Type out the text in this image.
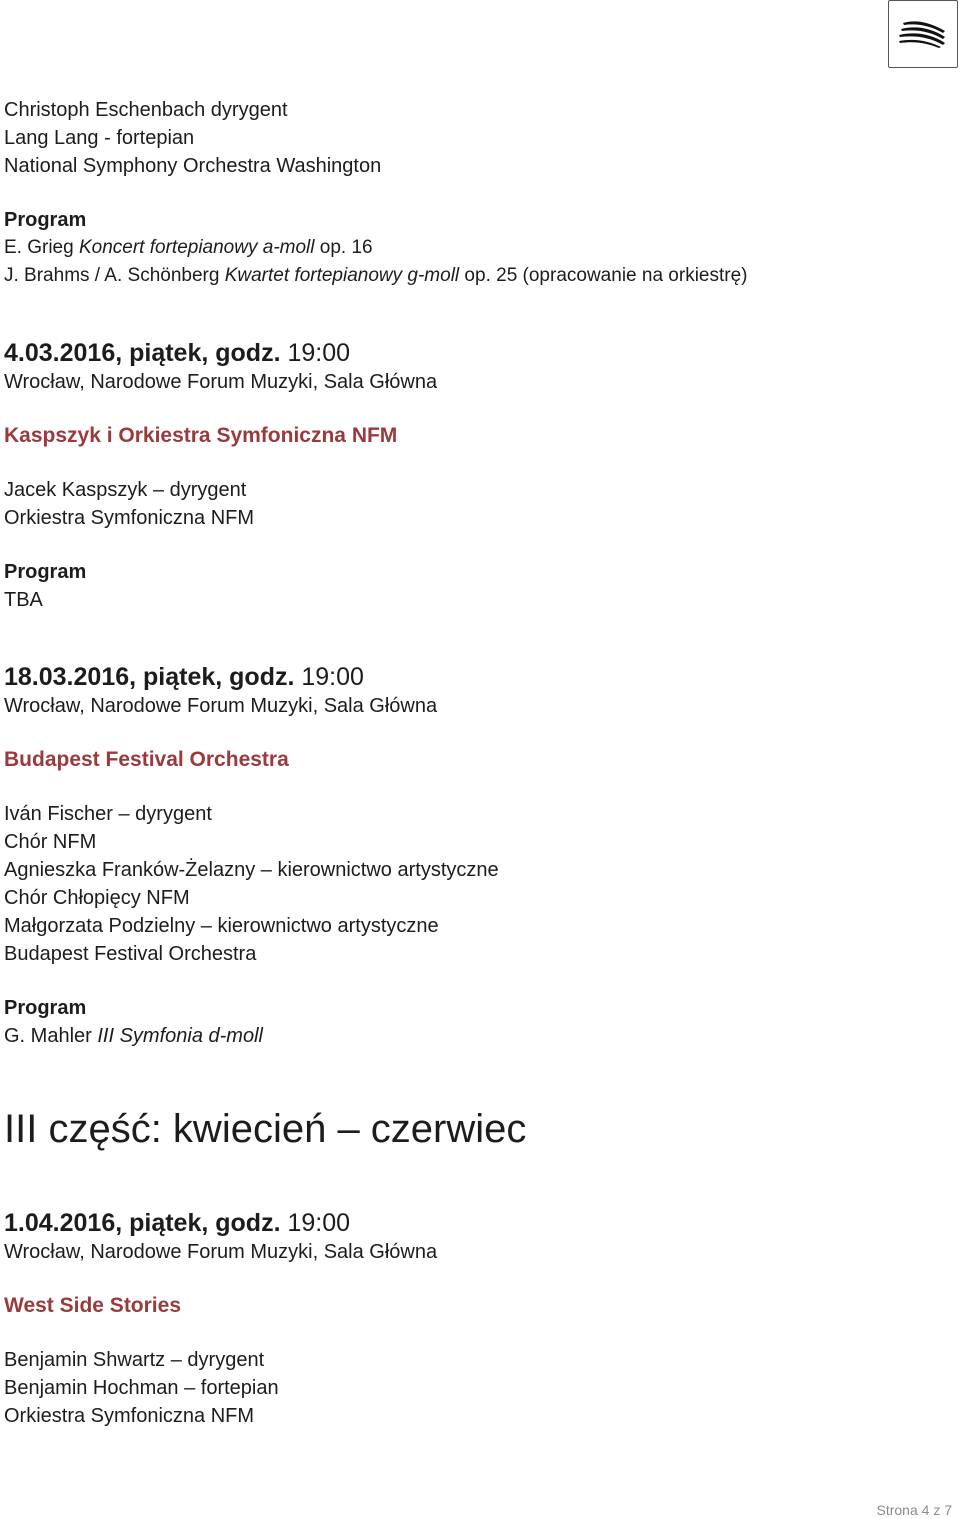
Christoph Eschenbach dyrygent
Lang Lang - fortepian
National Symphony Orchestra Washington
Program
E. Grieg Koncert fortepianowy a-moll op. 16
J. Brahms / A. Schönberg Kwartet fortepianowy g-moll op. 25 (opracowanie na orkiestrę)
4.03.2016, piątek, godz. 19:00
Wrocław, Narodowe Forum Muzyki, Sala Główna
Kaspszyk i Orkiestra Symfoniczna NFM
Jacek Kaspszyk – dyrygent
Orkiestra Symfoniczna NFM
Program
TBA
18.03.2016, piątek, godz. 19:00
Wrocław, Narodowe Forum Muzyki, Sala Główna
Budapest Festival Orchestra
Iván Fischer – dyrygent
Chór NFM
Agnieszka Franków-Żelazny – kierownictwo artystyczne
Chór Chłopięcy NFM
Małgorzata Podzielny – kierownictwo artystyczne
Budapest Festival Orchestra
Program
G. Mahler III Symfonia d-moll
III część: kwiecień – czerwiec
1.04.2016, piątek, godz. 19:00
Wrocław, Narodowe Forum Muzyki, Sala Główna
West Side Stories
Benjamin Shwartz – dyrygent
Benjamin Hochman – fortepian
Orkiestra Symfoniczna NFM
Strona 4 z 7
